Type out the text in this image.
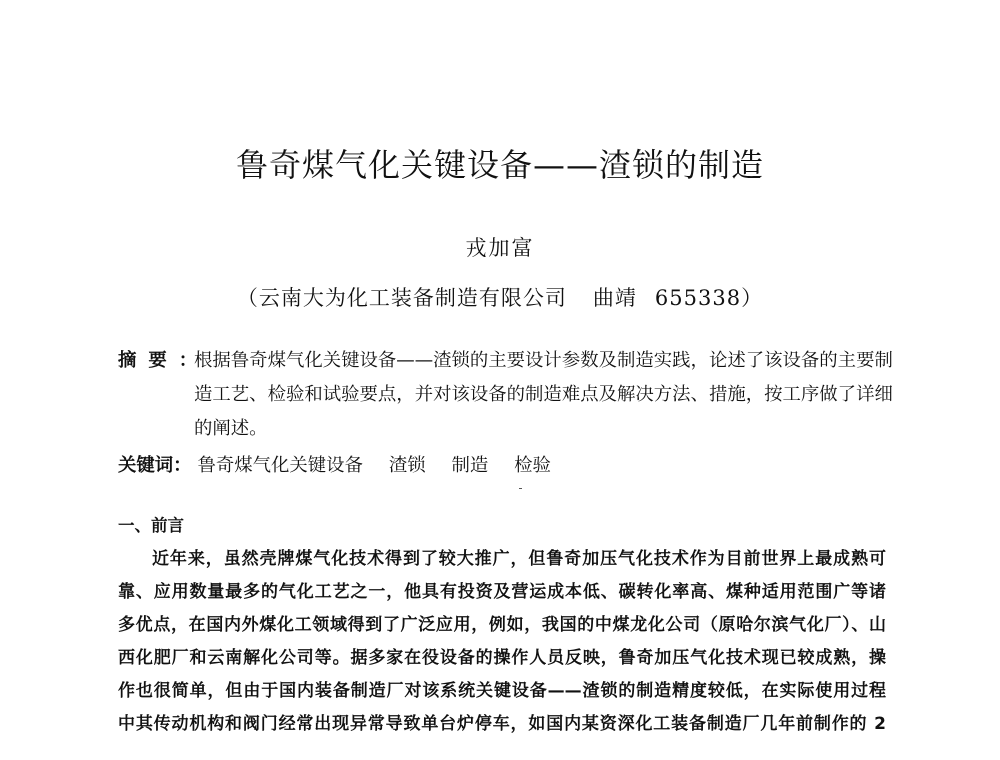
鲁奇煤气化关键设备——渣锁的制造
戎加富
（云南大为化工装备制造有限公司 曲靖 655338）
摘要：
根据鲁奇煤气化关键设备——渣锁的主要设计参数及制造实践，论述了该设备的主要制造工艺、检验和试验要点，并对该设备的制造难点及解决方法、措施，按工序做了详细的阐述。
关键词： 鲁奇煤气化关键设备 渣锁 制造 检验
一、前言
近年来，虽然壳牌煤气化技术得到了较大推广，但鲁奇加压气化技术作为目前世界上最成熟可
靠、应用数量最多的气化工艺之一，他具有投资及营运成本低、碳转化率高、煤种适用范围广等诸
多优点，在国内外煤化工领域得到了广泛应用，例如，我国的中煤龙化公司（原哈尔滨气化厂）、山
西化肥厂和云南解化公司等。据多家在役设备的操作人员反映，鲁奇加压气化技术现已较成熟，操
作也很简单，但由于国内装备制造厂对该系统关键设备——渣锁的制造精度较低，在实际使用过程
中其传动机构和阀门经常出现异常导致单台炉停车，如国内某资深化工装备制造厂几年前制作的 2
